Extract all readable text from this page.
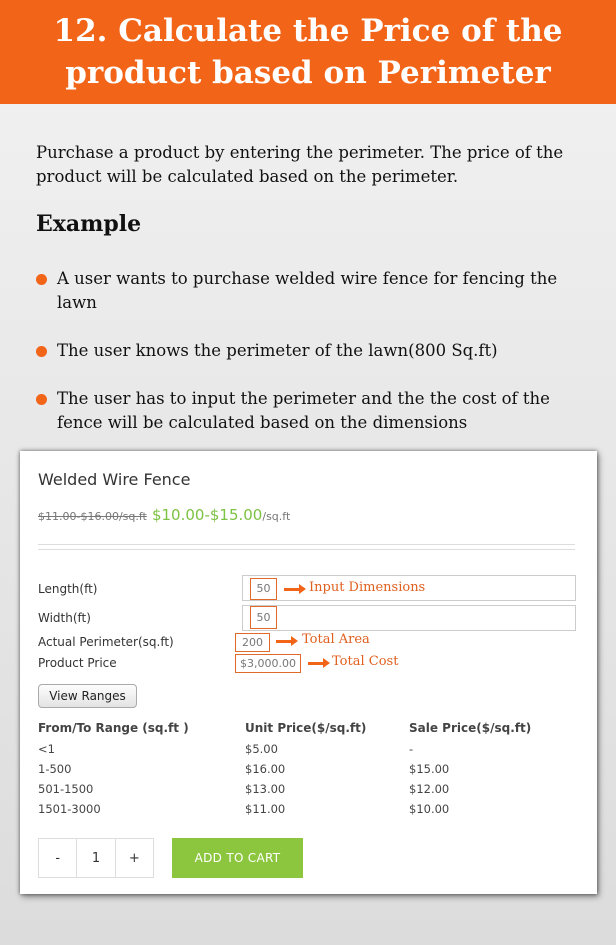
12. Calculate the Price of the product based on Perimeter
Purchase a product by entering the perimeter. The price of the product will be calculated based on the perimeter.
Example
A user wants to purchase welded wire fence for fencing the lawn
The user knows the perimeter of the lawn(800 Sq.ft)
The user has to input the perimeter and the the cost of the fence will be calculated based on the dimensions
Welded Wire Fence
$11.00-$16.00/sq.ft $10.00-$15.00/sq.ft
Length(ft)	50	Input Dimensions
Width(ft)	50
Actual Perimeter(sq.ft)	200	Total Area
Product Price	$3,000.00	Total Cost
View Ranges
From/To Range (sq.ft )	Unit Price($/sq.ft)	Sale Price($/sq.ft)
<1	$5.00	-
1-500	$16.00	$15.00
501-1500	$13.00	$12.00
1501-3000	$11.00	$10.00
-	1	+	ADD TO CART
